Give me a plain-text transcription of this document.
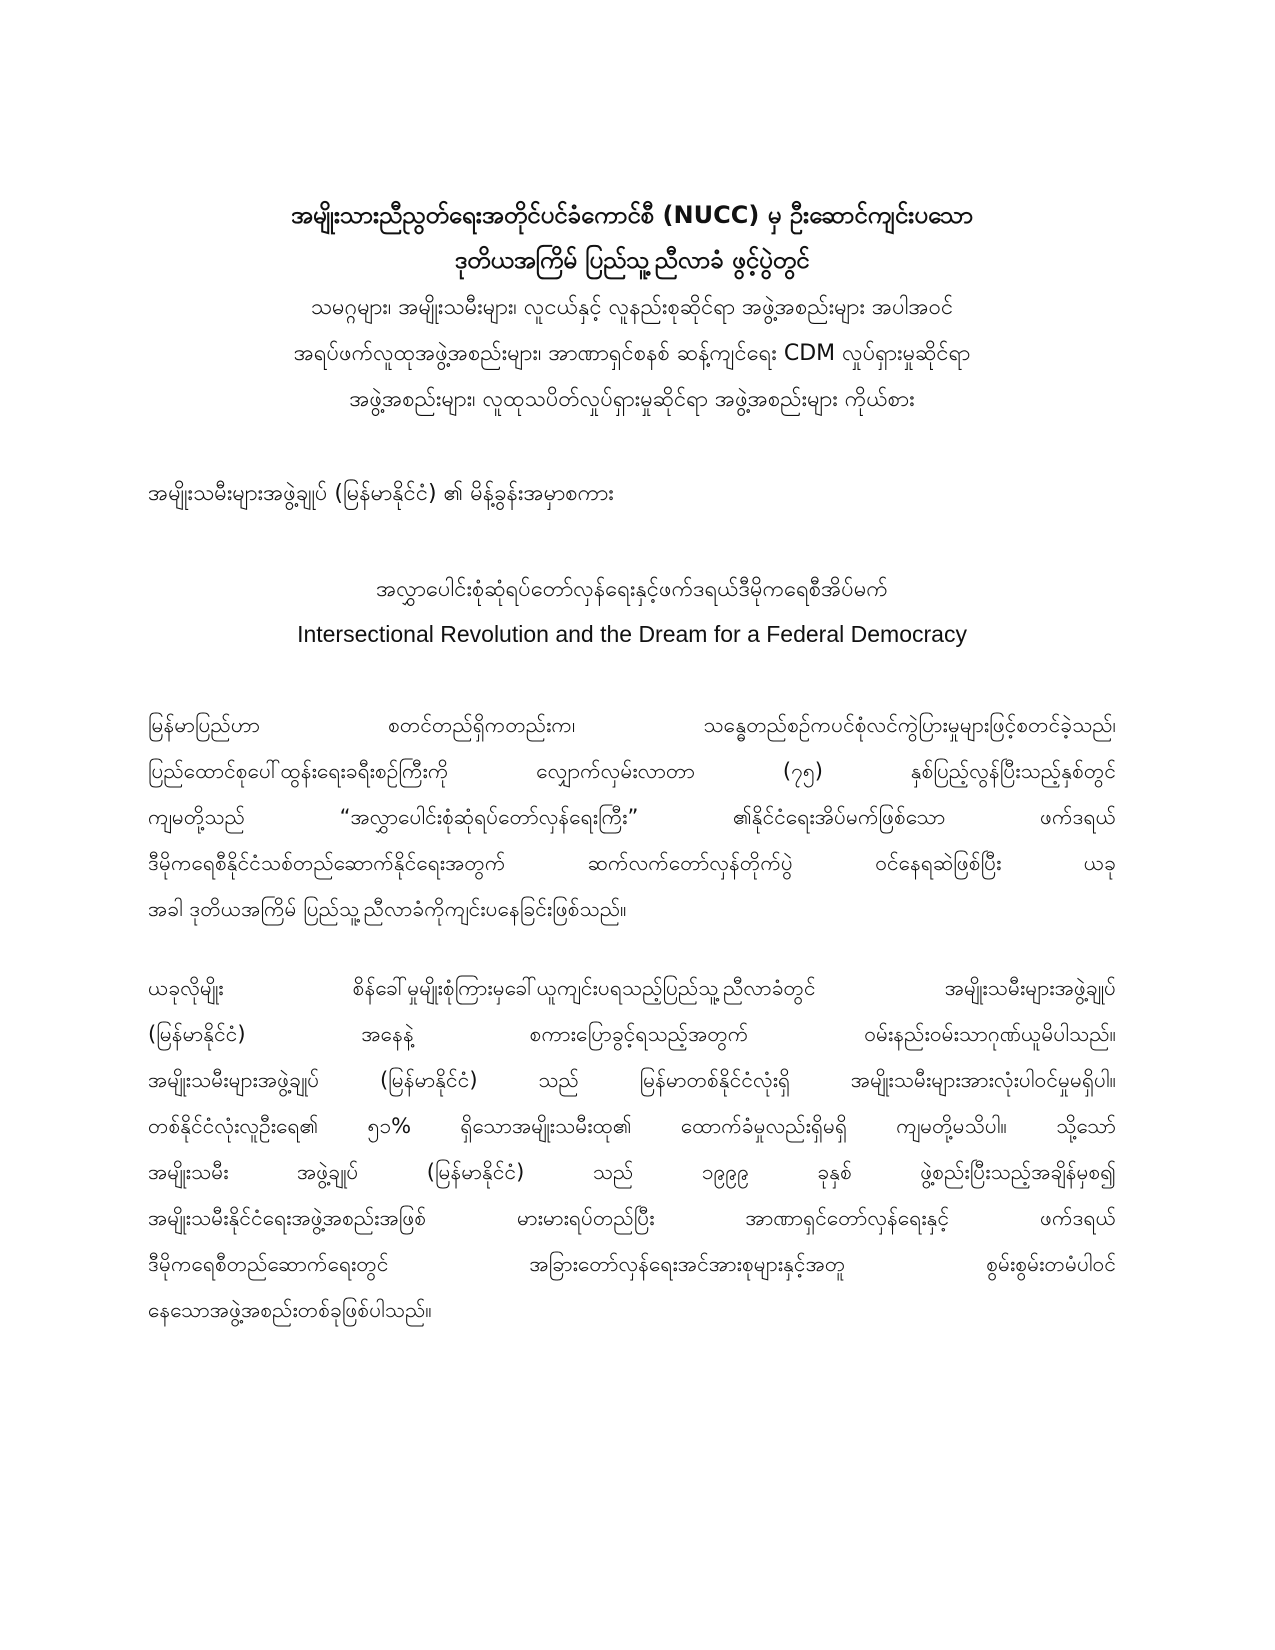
အမျိုးသားညီညွတ်ရေးအတိုင်ပင်ခံကောင်စီ (NUCC) မှ ဦးဆောင်ကျင်းပသော

ဒုတိယအကြိမ် ပြည်သူ့ညီလာခံ ဖွင့်ပွဲတွင်

သမဂ္ဂများ၊ အမျိုးသမီးများ၊ လူငယ်နှင့် လူနည်းစုဆိုင်ရာ အဖွဲ့အစည်းများ အပါအဝင်

အရပ်ဖက်လူထုအဖွဲ့အစည်းများ၊ အာဏာရှင်စနစ် ဆန့်ကျင်ရေး CDM လှုပ်ရှားမှုဆိုင်ရာ

အဖွဲ့အစည်းများ၊ လူထုသပိတ်လှုပ်ရှားမှုဆိုင်ရာ အဖွဲ့အစည်းများ ကိုယ်စား

အမျိုးသမီးများအဖွဲ့ချုပ် (မြန်မာနိုင်ငံ) ၏ မိန့်ခွန်းအမှာစကား

အလွှာပေါင်းစုံဆုံရပ်တော်လှန်ရေးနှင့်ဖက်ဒရယ်ဒီမိုကရေစီအိပ်မက်

Intersectional Revolution and the Dream for a Federal Democracy

မြန်မာပြည်ဟာ စတင်တည်ရှိကတည်းက၊ သန္ဓေတည်စဉ်ကပင်စုံလင်ကွဲပြားမှုများဖြင့်စတင်ခဲ့သည်၊
ပြည်ထောင်စုပေါ်ထွန်းရေးခရီးစဉ်ကြီးကို လျှောက်လှမ်းလာတာ (၇၅) နှစ်ပြည့်လွန်ပြီးသည့်နှစ်တွင်
ကျမတို့သည် “အလွှာပေါင်းစုံဆုံရပ်တော်လှန်ရေးကြီး” ၏နိုင်ငံရေးအိပ်မက်ဖြစ်သော ဖက်ဒရယ်
ဒီမိုကရေစီနိုင်ငံသစ်တည်ဆောက်နိုင်ရေးအတွက် ဆက်လက်တော်လှန်တိုက်ပွဲ ဝင်နေရဆဲဖြစ်ပြီး ယခု
အခါ ဒုတိယအကြိမ် ပြည်သူ့ညီလာခံကိုကျင်းပနေခြင်းဖြစ်သည်။
ယခုလိုမျိုး စိန်ခေါ်မှုမျိုးစုံကြားမှခေါ်ယူကျင်းပရသည့်ပြည်သူ့ညီလာခံတွင် အမျိုးသမီးများအဖွဲ့ချုပ်
(မြန်မာနိုင်ငံ) အနေနဲ့ စကားပြောခွင့်ရသည့်အတွက် ဝမ်းနည်းဝမ်းသာဂုဏ်ယူမိပါသည်။
အမျိုးသမီးများအဖွဲ့ချုပ် (မြန်မာနိုင်ငံ) သည် မြန်မာတစ်နိုင်ငံလုံးရှိ အမျိုးသမီးများအားလုံးပါဝင်မှုမရှိပါ။
တစ်နိုင်ငံလုံးလူဦးရေ၏ ၅၁% ရှိသောအမျိုးသမီးထု၏ ထောက်ခံမှုလည်းရှိမရှိ ကျမတို့မသိပါ။ သို့သော်
အမျိုးသမီး အဖွဲ့ချုပ် (မြန်မာနိုင်ငံ) သည် ၁၉၉၉ ခုနှစ် ဖွဲ့စည်းပြီးသည့်အချိန်မှစ၍
အမျိုးသမီးနိုင်ငံရေးအဖွဲ့အစည်းအဖြစ် မားမားရပ်တည်ပြီး အာဏာရှင်တော်လှန်ရေးနှင့် ဖက်ဒရယ်
ဒီမိုကရေစီတည်ဆောက်ရေးတွင် အခြားတော်လှန်ရေးအင်အားစုများနှင့်အတူ စွမ်းစွမ်းတမံပါဝင်
နေသောအဖွဲ့အစည်းတစ်ခုဖြစ်ပါသည်။
